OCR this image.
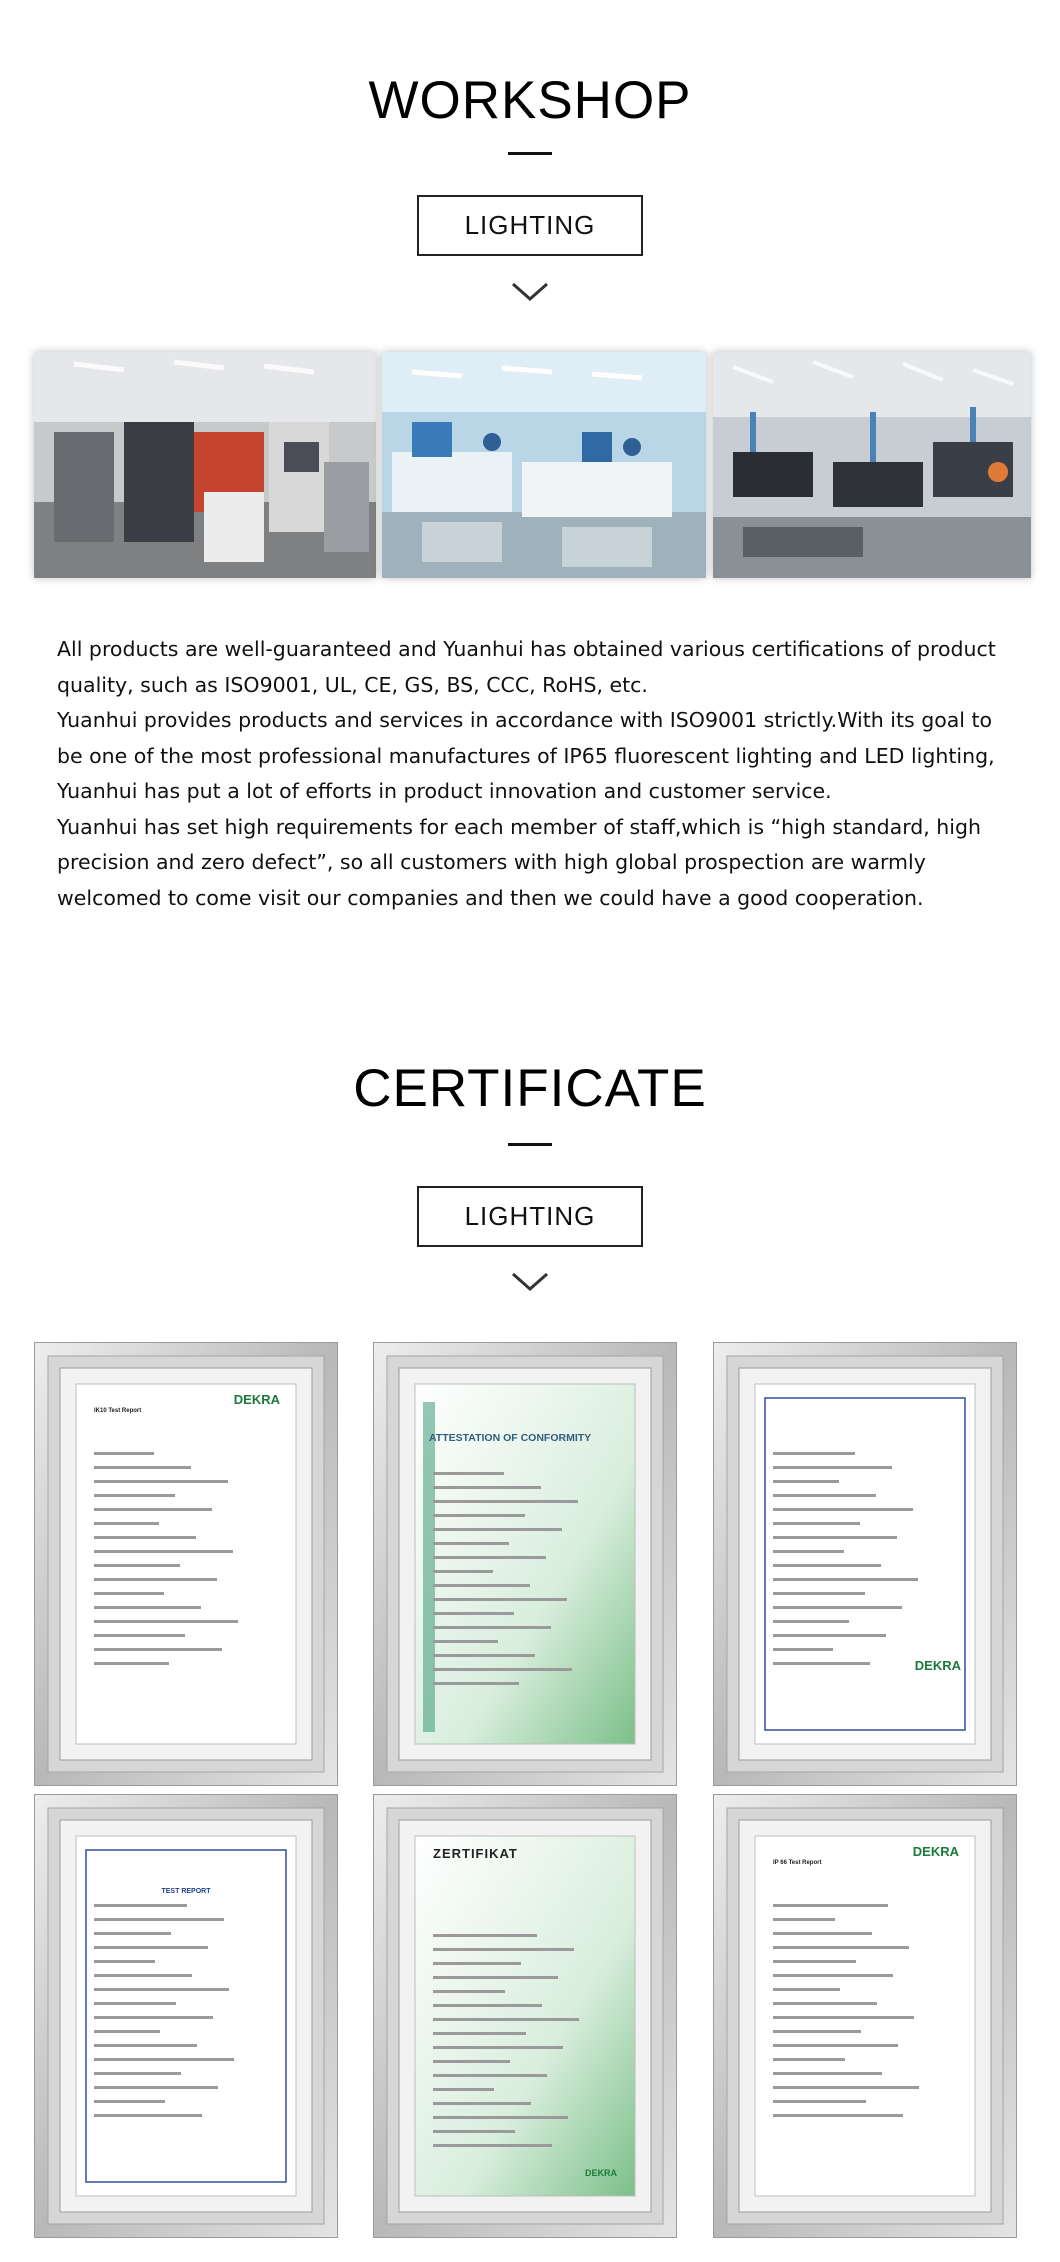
WORKSHOP
LIGHTING

All products are well-guaranteed and Yuanhui has obtained various certifications of product quality, such as ISO9001, UL, CE, GS, BS, CCC, RoHS, etc.

Yuanhui provides products and services in accordance with ISO9001 strictly.With its goal to be one of the most professional manufactures of IP65 fluorescent lighting and LED lighting, Yuanhui has put a lot of efforts in product innovation and customer service.

Yuanhui has set high requirements for each member of staff,which is “high standard, high precision and zero defect”, so all customers with high global prospection are warmly welcomed to come visit our companies and then we could have a good cooperation.

CERTIFICATE
LIGHTING
DEKRA
IK10 Test Report
ATTESTATION OF CONFORMITY
DEKRA
TEST REPORT
DEKRA
ZERTIFIKAT	DEKRA
IP 66 Test Report
